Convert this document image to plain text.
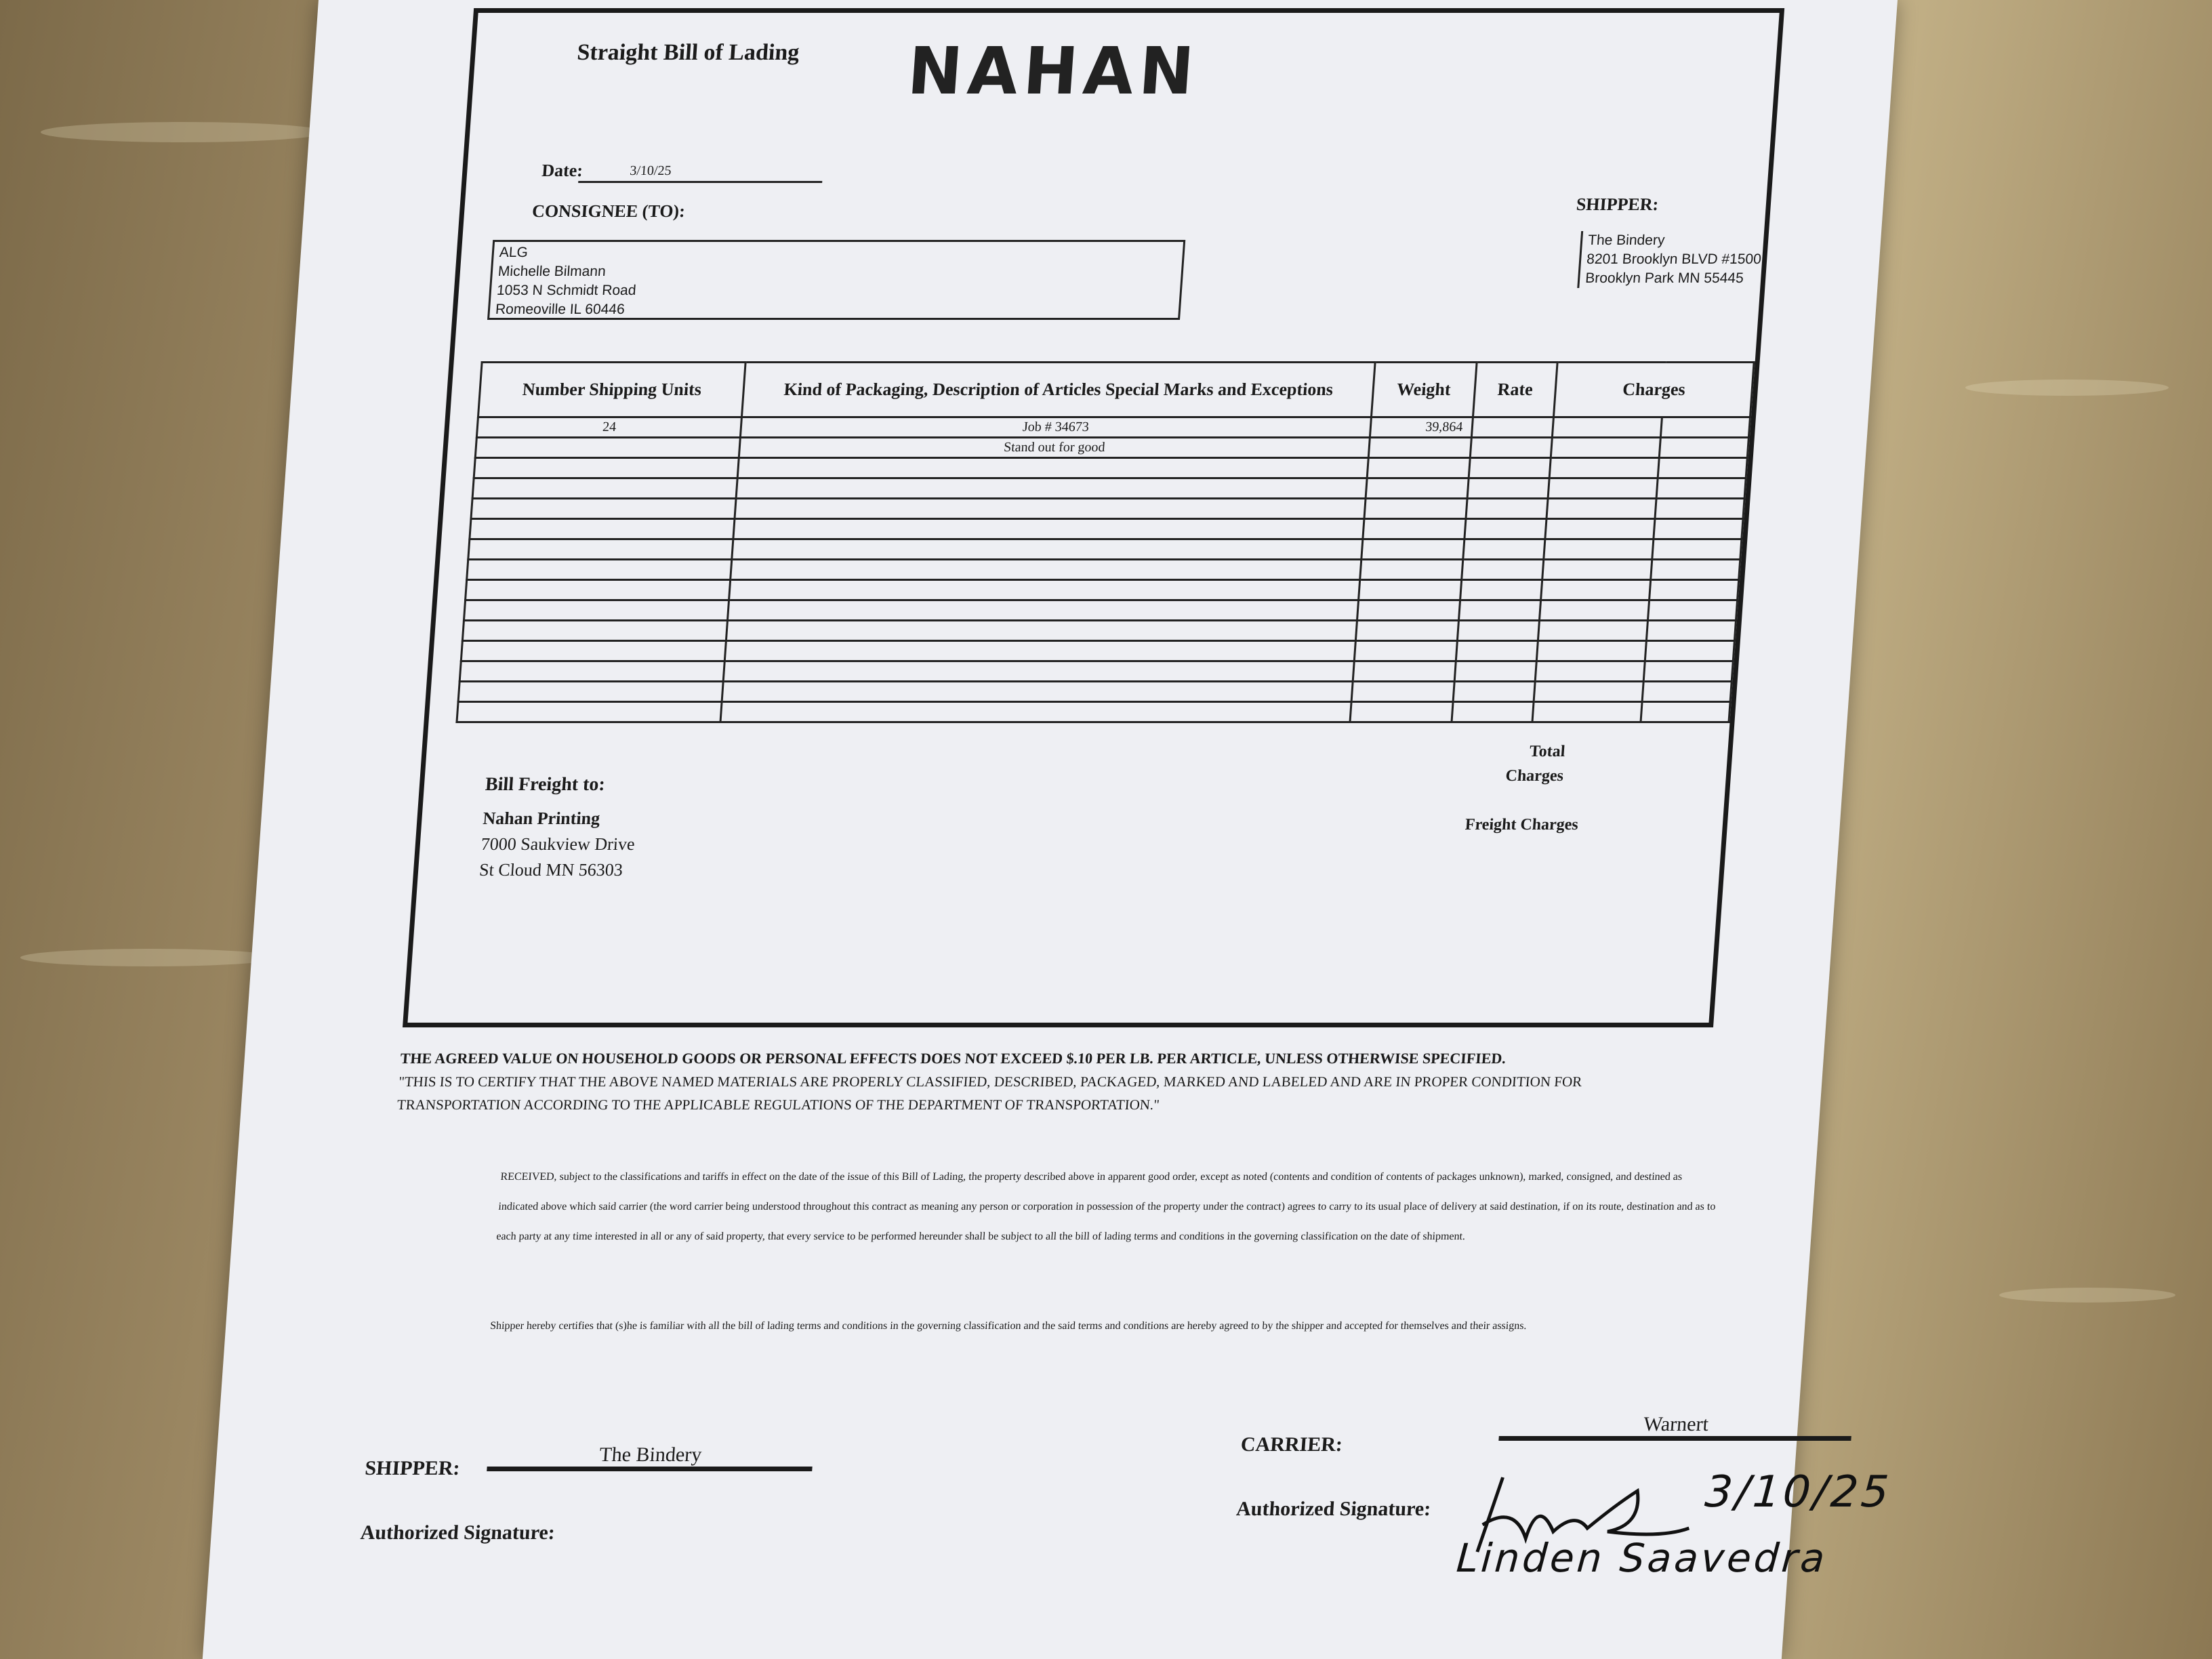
Straight Bill of Lading NAHAN
Date:	3/10/25
CONSIGNEE (TO):
ALG
Michelle Bilmann
1053 N Schmidt Road
Romeoville IL 60446
SHIPPER:
The Bindery
8201 Brooklyn BLVD #1500
Brooklyn Park MN 55445
Number Shipping Units	Kind of Packaging, Description of Articles Special Marks and Exceptions	Weight	Rate	Charges	
24	Job # 34673	39,864			
	Stand out for good				

Total Charges
Freight Charges
Bill Freight to:
Nahan Printing
7000 Saukview Drive
St Cloud MN 56303
THE AGREED VALUE ON HOUSEHOLD GOODS OR PERSONAL EFFECTS DOES NOT EXCEED $.10 PER LB. PER ARTICLE, UNLESS OTHERWISE SPECIFIED.
"THIS IS TO CERTIFY THAT THE ABOVE NAMED MATERIALS ARE PROPERLY CLASSIFIED, DESCRIBED, PACKAGED, MARKED AND LABELED AND ARE IN PROPER CONDITION FOR TRANSPORTATION ACCORDING TO THE APPLICABLE REGULATIONS OF THE DEPARTMENT OF TRANSPORTATION."
RECEIVED, subject to the classifications and tariffs in effect on the date of the issue of this Bill of Lading, the property described above in apparent good order, except as noted (contents and condition of contents of packages unknown), marked, consigned, and destined as indicated above which said carrier (the word carrier being understood throughout this contract as meaning any person or corporation in possession of the property under the contract) agrees to carry to its usual place of delivery at said destination, if on its route, destination and as to each party at any time interested in all or any of said property, that every service to be performed hereunder shall be subject to all the bill of lading terms and conditions in the governing classification on the date of shipment.
Shipper hereby certifies that (s)he is familiar with all the bill of lading terms and conditions in the governing classification and the said terms and conditions are hereby agreed to by the shipper and accepted for themselves and their assigns.
SHIPPER:
The Bindery
Authorized Signature:
CARRIER:
Warnert
Authorized Signature:	3/10/25
Linden Saavedra
